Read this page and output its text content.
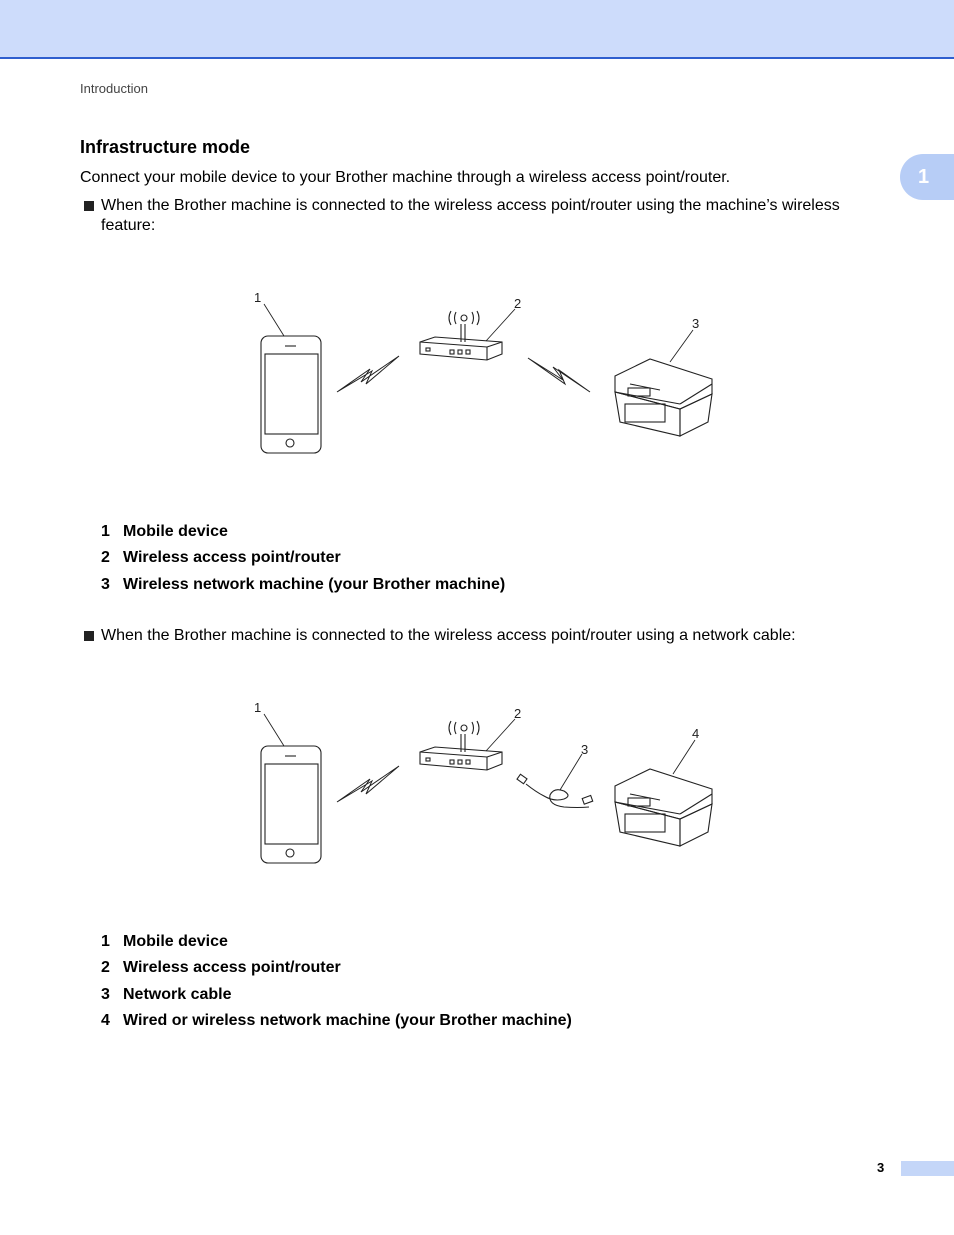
Introduction
1
Infrastructure mode

Connect your mobile device to your Brother machine through a wireless access point/router.

When the Brother machine is connected to the wireless access point/router using the machine’s wireless feature:
1	2
3
1 Mobile device
2 Wireless access point/router
3 Wireless network machine (your Brother machine)
When the Brother machine is connected to the wireless access point/router using a network cable:
1	2
3
4
1 Mobile device
2 Wireless access point/router
3 Network cable
4 Wired or wireless network machine (your Brother machine)
3
